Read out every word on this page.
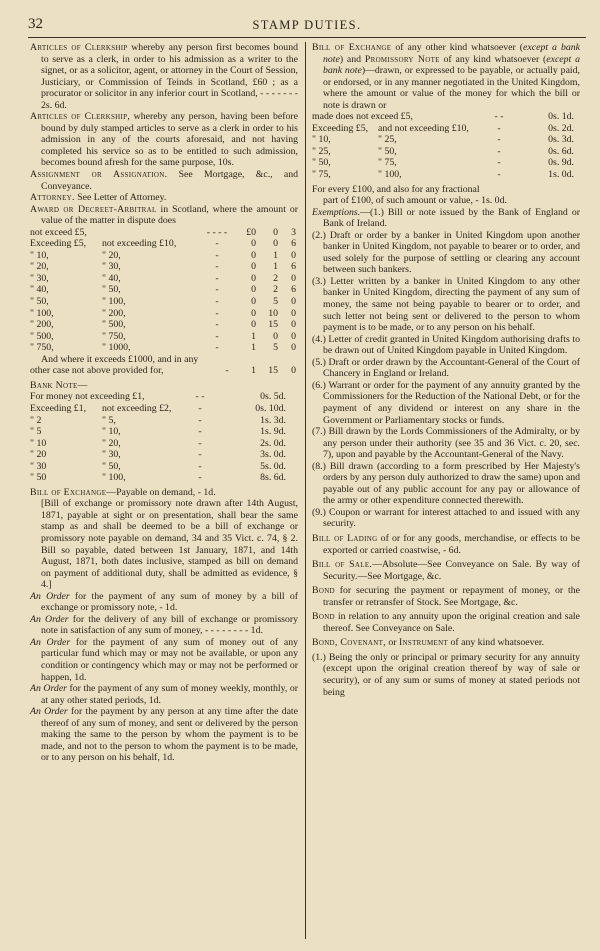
32	STAMP DUTIES.

Articles of Clerkship whereby any person first becomes bound to serve as a clerk, in order to his admission as a writer to the signet, or as a solicitor, agent, or attorney in the Court of Session, Justiciary, or Commission of Teinds in Scotland, £60 ; as a procurator or solicitor in any inferior court in Scotland, - - - - - - - 2s. 6d.

Articles of Clerkship, whereby any person, having been before bound by duly stamped articles to serve as a clerk in order to his admission in any of the courts aforesaid, and not having completed his service so as to be entitled to such admission, becomes bound afresh for the same purpose, 10s.

Assignment or Assignation. See Mortgage, &c., and Conveyance.

Attorney. See Letter of Attorney.

Award or Decreet-Arbitral in Scotland, where the amount or value of the matter in dispute does

not exceed £5,	- - - -	£0	0	3
Exceeding £5,	not exceeding £10,	-	0	0	6
" 10,	" 20,	-	0	1	0
" 20,	" 30,	-	0	1	6
" 30,	" 40,	-	0	2	0
" 40,	" 50,	-	0	2	6
" 50,	" 100,	-	0	5	0
" 100,	" 200,	-	0	10	0
" 200,	" 500,	-	0	15	0
" 500,	" 750,	-	1	0	0
" 750,	" 1000,	-	1	5	0
And where it exceeds £1000, and in any
other case not above provided for,	-	1	15	0

Bank Note—

For money not exceeding £1,	- -	0s. 5d.
Exceeding £1,	not exceeding £2,	-	0s. 10d.
" 2	" 5,	-	1s. 3d.
" 5	" 10,	-	1s. 9d.
" 10	" 20,	-	2s. 0d.
" 20	" 30,	-	3s. 0d.
" 30	" 50,	-	5s. 0d.
" 50	" 100,	-	8s. 6d.

Bill of Exchange—Payable on demand, - 1d.

[Bill of exchange or promissory note drawn after 14th August, 1871, payable at sight or on presentation, shall bear the same stamp as and shall be deemed to be a bill of exchange or promissory note payable on demand, 34 and 35 Vict. c. 74, § 2. Bill so payable, dated between 1st January, 1871, and 14th August, 1871, both dates inclusive, stamped as bill on demand on payment of additional duty, shall be admitted as evidence, § 4.]

An Order for the payment of any sum of money by a bill of exchange or promissory note, - 1d.

An Order for the delivery of any bill of exchange or promissory note in satisfaction of any sum of money, - - - - - - - - 1d.

An Order for the payment of any sum of money out of any particular fund which may or may not be available, or upon any condition or contingency which may or may not be performed or happen, 1d.

An Order for the payment of any sum of money weekly, monthly, or at any other stated periods, 1d.

An Order for the payment by any person at any time after the date thereof of any sum of money, and sent or delivered by the person making the same to the person by whom the payment is to be made, and not to the person to whom the payment is to be made, or to any person on his behalf, 1d.

Bill of Exchange of any other kind whatsoever (except a bank note) and Promissory Note of any kind whatsoever (except a bank note)—drawn, or expressed to be payable, or actually paid, or endorsed, or in any manner negotiated in the United Kingdom, where the amount or value of the money for which the bill or note is drawn or

made does not exceed £5,	- -	0s. 1d.
Exceeding £5,	and not exceeding £10,	-	0s. 2d.
" 10,	" 25,	-	0s. 3d.
" 25,	" 50,	-	0s. 6d.
" 50,	" 75,	-	0s. 9d.
" 75,	" 100,	-	1s. 0d.
For every £100, and also for any fractional
part of £100, of such amount or value, - 1s. 0d.

Exemptions.—(1.) Bill or note issued by the Bank of England or Bank of Ireland.

(2.) Draft or order by a banker in United Kingdom upon another banker in United Kingdom, not payable to bearer or to order, and used solely for the purpose of settling or clearing any account between such bankers.

(3.) Letter written by a banker in United Kingdom to any other banker in United Kingdom, directing the payment of any sum of money, the same not being payable to bearer or to order, and such letter not being sent or delivered to the person to whom payment is to be made, or to any person on his behalf.

(4.) Letter of credit granted in United Kingdom authorising drafts to be drawn out of United Kingdom payable in United Kingdom.

(5.) Draft or order drawn by the Accountant-General of the Court of Chancery in England or Ireland.

(6.) Warrant or order for the payment of any annuity granted by the Commissioners for the Reduction of the National Debt, or for the payment of any dividend or interest on any share in the Government or Parliamentary stocks or funds.

(7.) Bill drawn by the Lords Commissioners of the Admiralty, or by any person under their authority (see 35 and 36 Vict. c. 20, sec. 7), upon and payable by the Accountant-General of the Navy.

(8.) Bill drawn (according to a form prescribed by Her Majesty's orders by any person duly authorized to draw the same) upon and payable out of any public account for any pay or allowance of the army or other expenditure connected therewith.

(9.) Coupon or warrant for interest attached to and issued with any security.

Bill of Lading of or for any goods, merchandise, or effects to be exported or carried coastwise, - 6d.

Bill of Sale.—Absolute—See Conveyance on Sale. By way of Security.—See Mortgage, &c.

Bond for securing the payment or repayment of money, or the transfer or retransfer of Stock. See Mortgage, &c.

Bond in relation to any annuity upon the original creation and sale thereof. See Conveyance on Sale.

Bond, Covenant, or Instrument of any kind whatsoever.

(1.) Being the only or principal or primary security for any annuity (except upon the original creation thereof by way of sale or security), or of any sum or sums of money at stated periods not being
